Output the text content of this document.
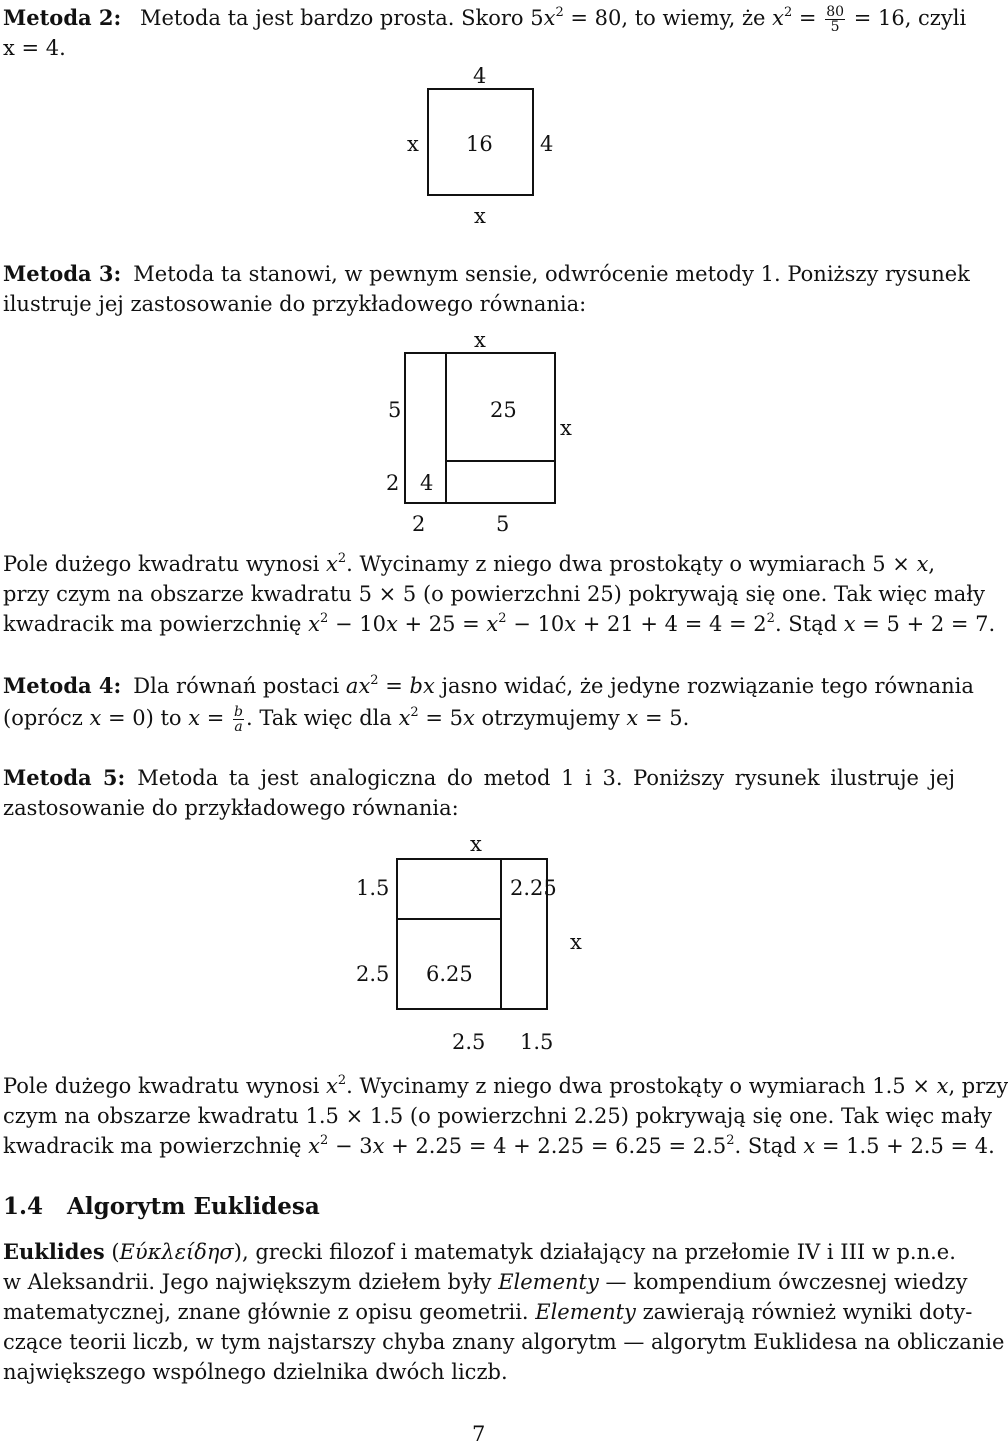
Metoda 2: Metoda ta jest bardzo prosta. Skoro $5x^2 = 80$, to wiemy, że $x^2 = \frac{80}{5} = 16$, czyli
x = 4.
4
x 16 4
x
Metoda 3: Metoda ta stanowi, w pewnym sensie, odwrócenie metody 1. Poniższy rysunek
ilustruje jej zastosowanie do przykładowego równania:
x
5	25
x
2 4
2	5
Pole dużego kwadratu wynosi $x^2$. Wycinamy z niego dwa prostokąty o wymiarach 5 × x,
przy czym na obszarze kwadratu 5 × 5 (o powierzchni 25) pokrywają się one. Tak więc mały
kwadracik ma powierzchnię $x^2 - 10x + 25 = x^2 - 10x + 21 + 4 = 4 = 2^2$. Stąd x = 5 + 2 = 7.
Metoda 4: Dla równań postaci $ax^2$ = bx jasno widać, że jedyne rozwiązanie tego równania
(oprócz x = 0) to $x = \frac{b}{a}$ . Tak więc dla $x^2 = 5x$ otrzymujemy x = 5.
Metoda 5: Metoda ta jest analogiczna do metod 1 i 3. Poniższy rysunek ilustruje jej
zastosowanie do przykładowego równania:
x
1.5	2.25
x
2.5 6.25
2.5 1.5
Pole dużego kwadratu wynosi $x^2$. Wycinamy z niego dwa prostokąty o wymiarach 1.5 × x, przy
czym na obszarze kwadratu 1.5 × 1.5 (o powierzchni 2.25) pokrywają się one. Tak więc mały
kwadracik ma powierzchnię $x^2 - 3x + 2.25 = 4 + 2.25 = 6.25 = 2.5^2$. Stąd x = 1.5 + 2.5 = 4.
1.4 Algorytm Euklidesa
Euklides (Εύκλείδησ), grecki filozof i matematyk działający na przełomie IV i III w p.n.e.
w Aleksandrii. Jego największym dziełem były Elementy — kompendium ówczesnej wiedzy
matematycznej, znane głównie z opisu geometrii. Elementy zawierają również wyniki doty-
czące teorii liczb, w tym najstarszy chyba znany algorytm — algorytm Euklidesa na obliczanie
największego wspólnego dzielnika dwóch liczb.
7
